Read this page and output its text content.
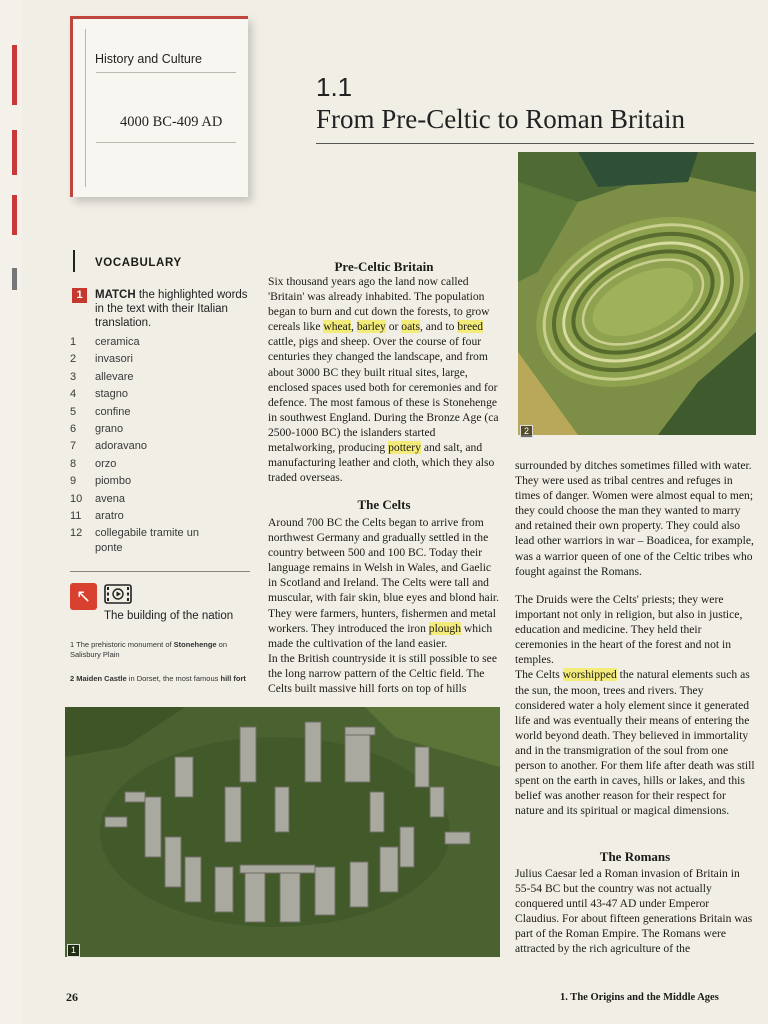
History and Culture
4000 BC-409 AD
1.1
From Pre-Celtic to Roman Britain
VOCABULARY
1	MATCH the highlighted words in the text with their Italian translation.
1	ceramica
2	invasori
3	allevare
4	stagno
5	confine
6	grano
7	adoravano
8	orzo
9	piombo
10	avena
11	aratro
12	collegabile tramite un ponte
↖
The building of the nation
1 The prehistoric monument of Stonehenge on Salisbury Plain
2 Maiden Castle in Dorset, the most famous hill fort
2
1
Pre-Celtic Britain

Six thousand years ago the land now called 'Britain' was already inhabited. The population began to burn and cut down the forests, to grow cereals like wheat, barley or oats, and to breed cattle, pigs and sheep. Over the course of four centuries they changed the landscape, and from about 3000 BC they built ritual sites, large, enclosed spaces used both for ceremonies and for defence. The most famous of these is Stonehenge in southwest England. During the Bronze Age (ca 2500-1000 BC) the islanders started metalworking, producing pottery and salt, and manufacturing leather and cloth, which they also traded overseas.

The Celts

Around 700 BC the Celts began to arrive from northwest Germany and gradually settled in the country between 500 and 100 BC. Today their language remains in Welsh in Wales, and Gaelic in Scotland and Ireland. The Celts were tall and muscular, with fair skin, blue eyes and blond hair. They were farmers, hunters, fishermen and metal workers. They introduced the iron plough which made the cultivation of the land easier.

In the British countryside it is still possible to see the long narrow pattern of the Celtic field. The Celts built massive hill forts on top of hills

surrounded by ditches sometimes filled with water. They were used as tribal centres and refuges in times of danger. Women were almost equal to men; they could choose the man they wanted to marry and retained their own property. They could also lead other warriors in war – Boadicea, for example, was a warrior queen of one of the Celtic tribes who fought against the Romans.

The Druids were the Celts' priests; they were important not only in religion, but also in justice, education and medicine. They held their ceremonies in the heart of the forest and not in temples.

The Celts worshipped the natural elements such as the sun, the moon, trees and rivers. They considered water a holy element since it generated life and was eventually their means of entering the world beyond death. They believed in immortality and in the transmigration of the soul from one person to another. For them life after death was still spent on the earth in caves, hills or lakes, and this belief was another reason for their respect for nature and its spiritual or magical dimensions.

The Romans

Julius Caesar led a Roman invasion of Britain in 55-54 BC but the country was not actually conquered until 43-47 AD under Emperor Claudius. For about fifteen generations Britain was part of the Roman Empire. The Romans were attracted by the rich agriculture of the

26	1. The Origins and the Middle Ages
